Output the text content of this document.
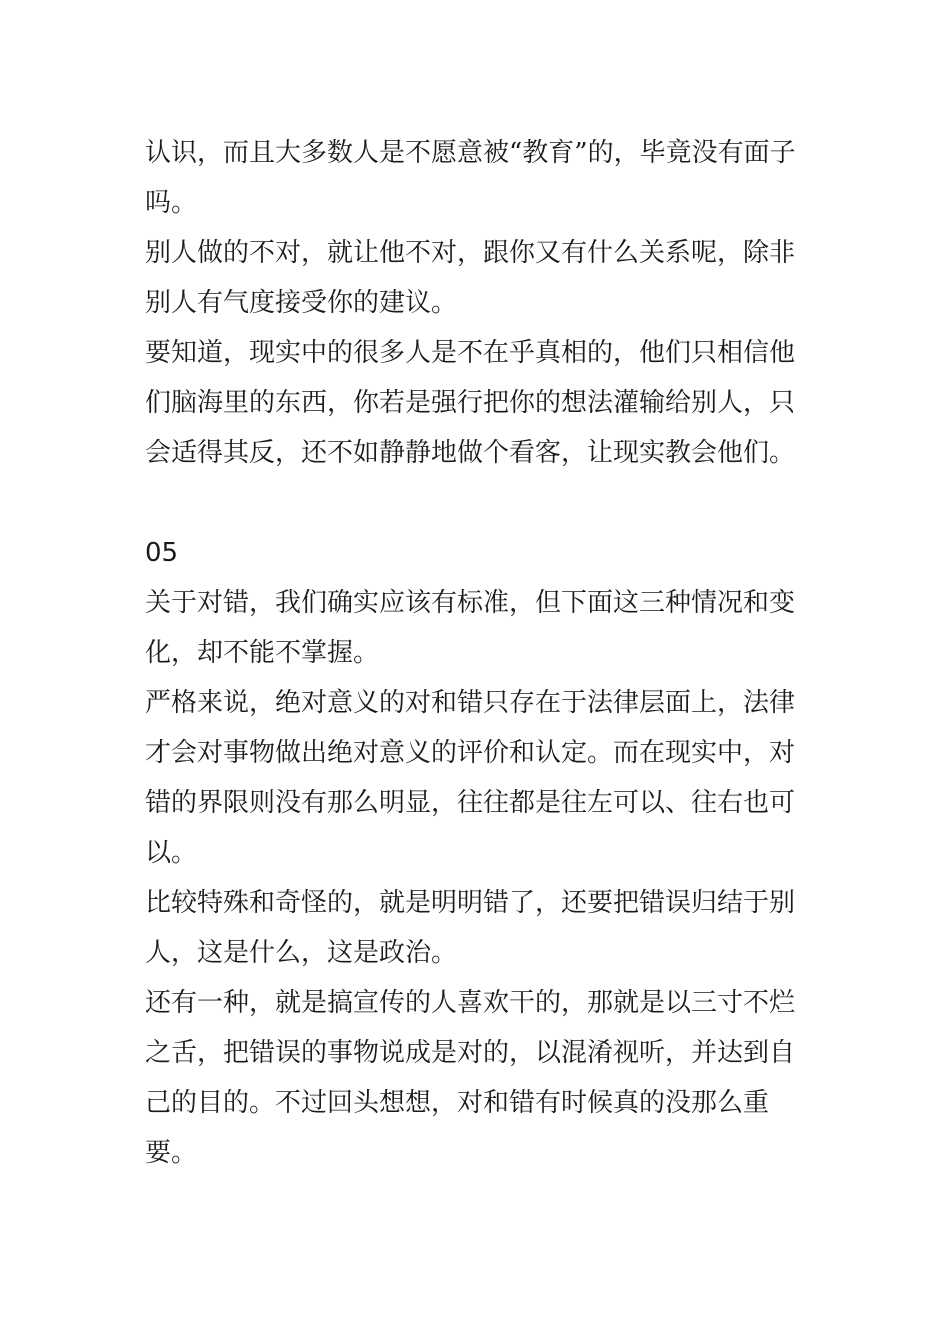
认识，而且大多数人是不愿意被“教育”的，毕竟没有面子吗。

别人做的不对，就让他不对，跟你又有什么关系呢，除非别人有气度接受你的建议。

要知道，现实中的很多人是不在乎真相的，他们只相信他们脑海里的东西，你若是强行把你的想法灌输给别人，只会适得其反，还不如静静地做个看客，让现实教会他们。

05

关于对错，我们确实应该有标准，但下面这三种情况和变化，却不能不掌握。

严格来说，绝对意义的对和错只存在于法律层面上，法律才会对事物做出绝对意义的评价和认定。而在现实中，对错的界限则没有那么明显，往往都是往左可以、往右也可以。

比较特殊和奇怪的，就是明明错了，还要把错误归结于别人，这是什么，这是政治。

还有一种，就是搞宣传的人喜欢干的，那就是以三寸不烂之舌，把错误的事物说成是对的，以混淆视听，并达到自己的目的。不过回头想想，对和错有时候真的没那么重要。
